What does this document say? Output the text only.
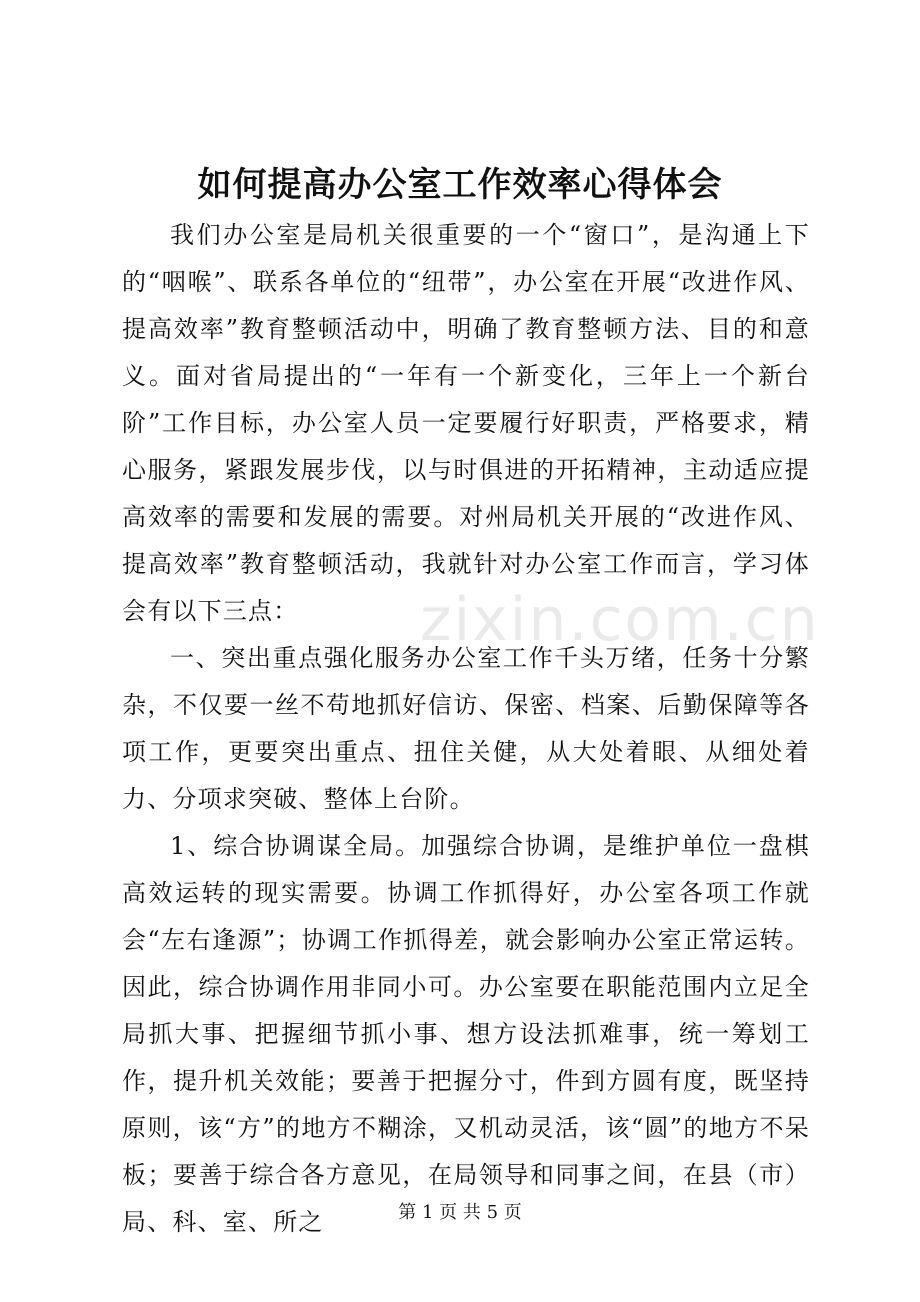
如何提高办公室工作效率心得体会

我们办公室是局机关很重要的一个“窗口”，是沟通上下的“咽喉”、联系各单位的“纽带”，办公室在开展“改进作风、提高效率”教育整顿活动中，明确了教育整顿方法、目的和意义。面对省局提出的“一年有一个新变化，三年上一个新台阶”工作目标，办公室人员一定要履行好职责，严格要求，精心服务，紧跟发展步伐，以与时俱进的开拓精神，主动适应提高效率的需要和发展的需要。对州局机关开展的“改进作风、提高效率”教育整顿活动，我就针对办公室工作而言，学习体会有以下三点：

一、突出重点强化服务办公室工作千头万绪，任务十分繁杂，不仅要一丝不苟地抓好信访、保密、档案、后勤保障等各项工作，更要突出重点、扭住关健，从大处着眼、从细处着力、分项求突破、整体上台阶。

1、综合协调谋全局。加强综合协调，是维护单位一盘棋高效运转的现实需要。协调工作抓得好，办公室各项工作就会“左右逢源”；协调工作抓得差，就会影响办公室正常运转。因此，综合协调作用非同小可。办公室要在职能范围内立足全局抓大事、把握细节抓小事、想方设法抓难事，统一筹划工作，提升机关效能；要善于把握分寸，件到方圆有度，既坚持原则，该“方”的地方不糊涂，又机动灵活，该“圆”的地方不呆板；要善于综合各方意见，在局领导和同事之间，在县（市）局、科、室、所之

zixin.com.cn
第 1 页 共 5 页
